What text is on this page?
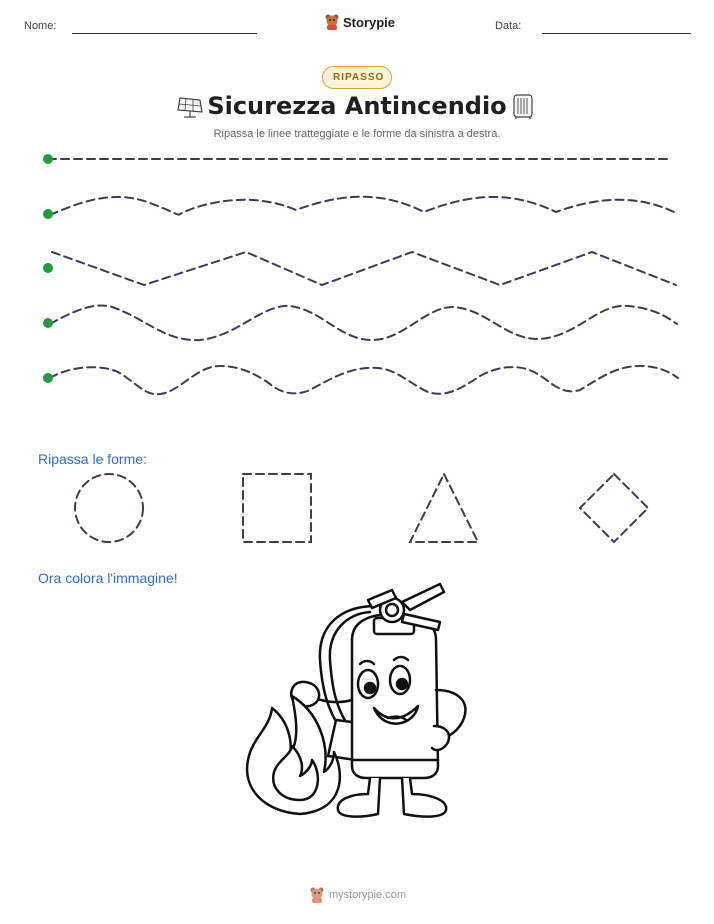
Nome:	Storypie	Data:
RIPASSO
Sicurezza Antincendio
Ripassa le linee tratteggiate e le forme da sinistra a destra.
Ripassa le forme:
Ora colora l'immagine!
mystorypie.com
